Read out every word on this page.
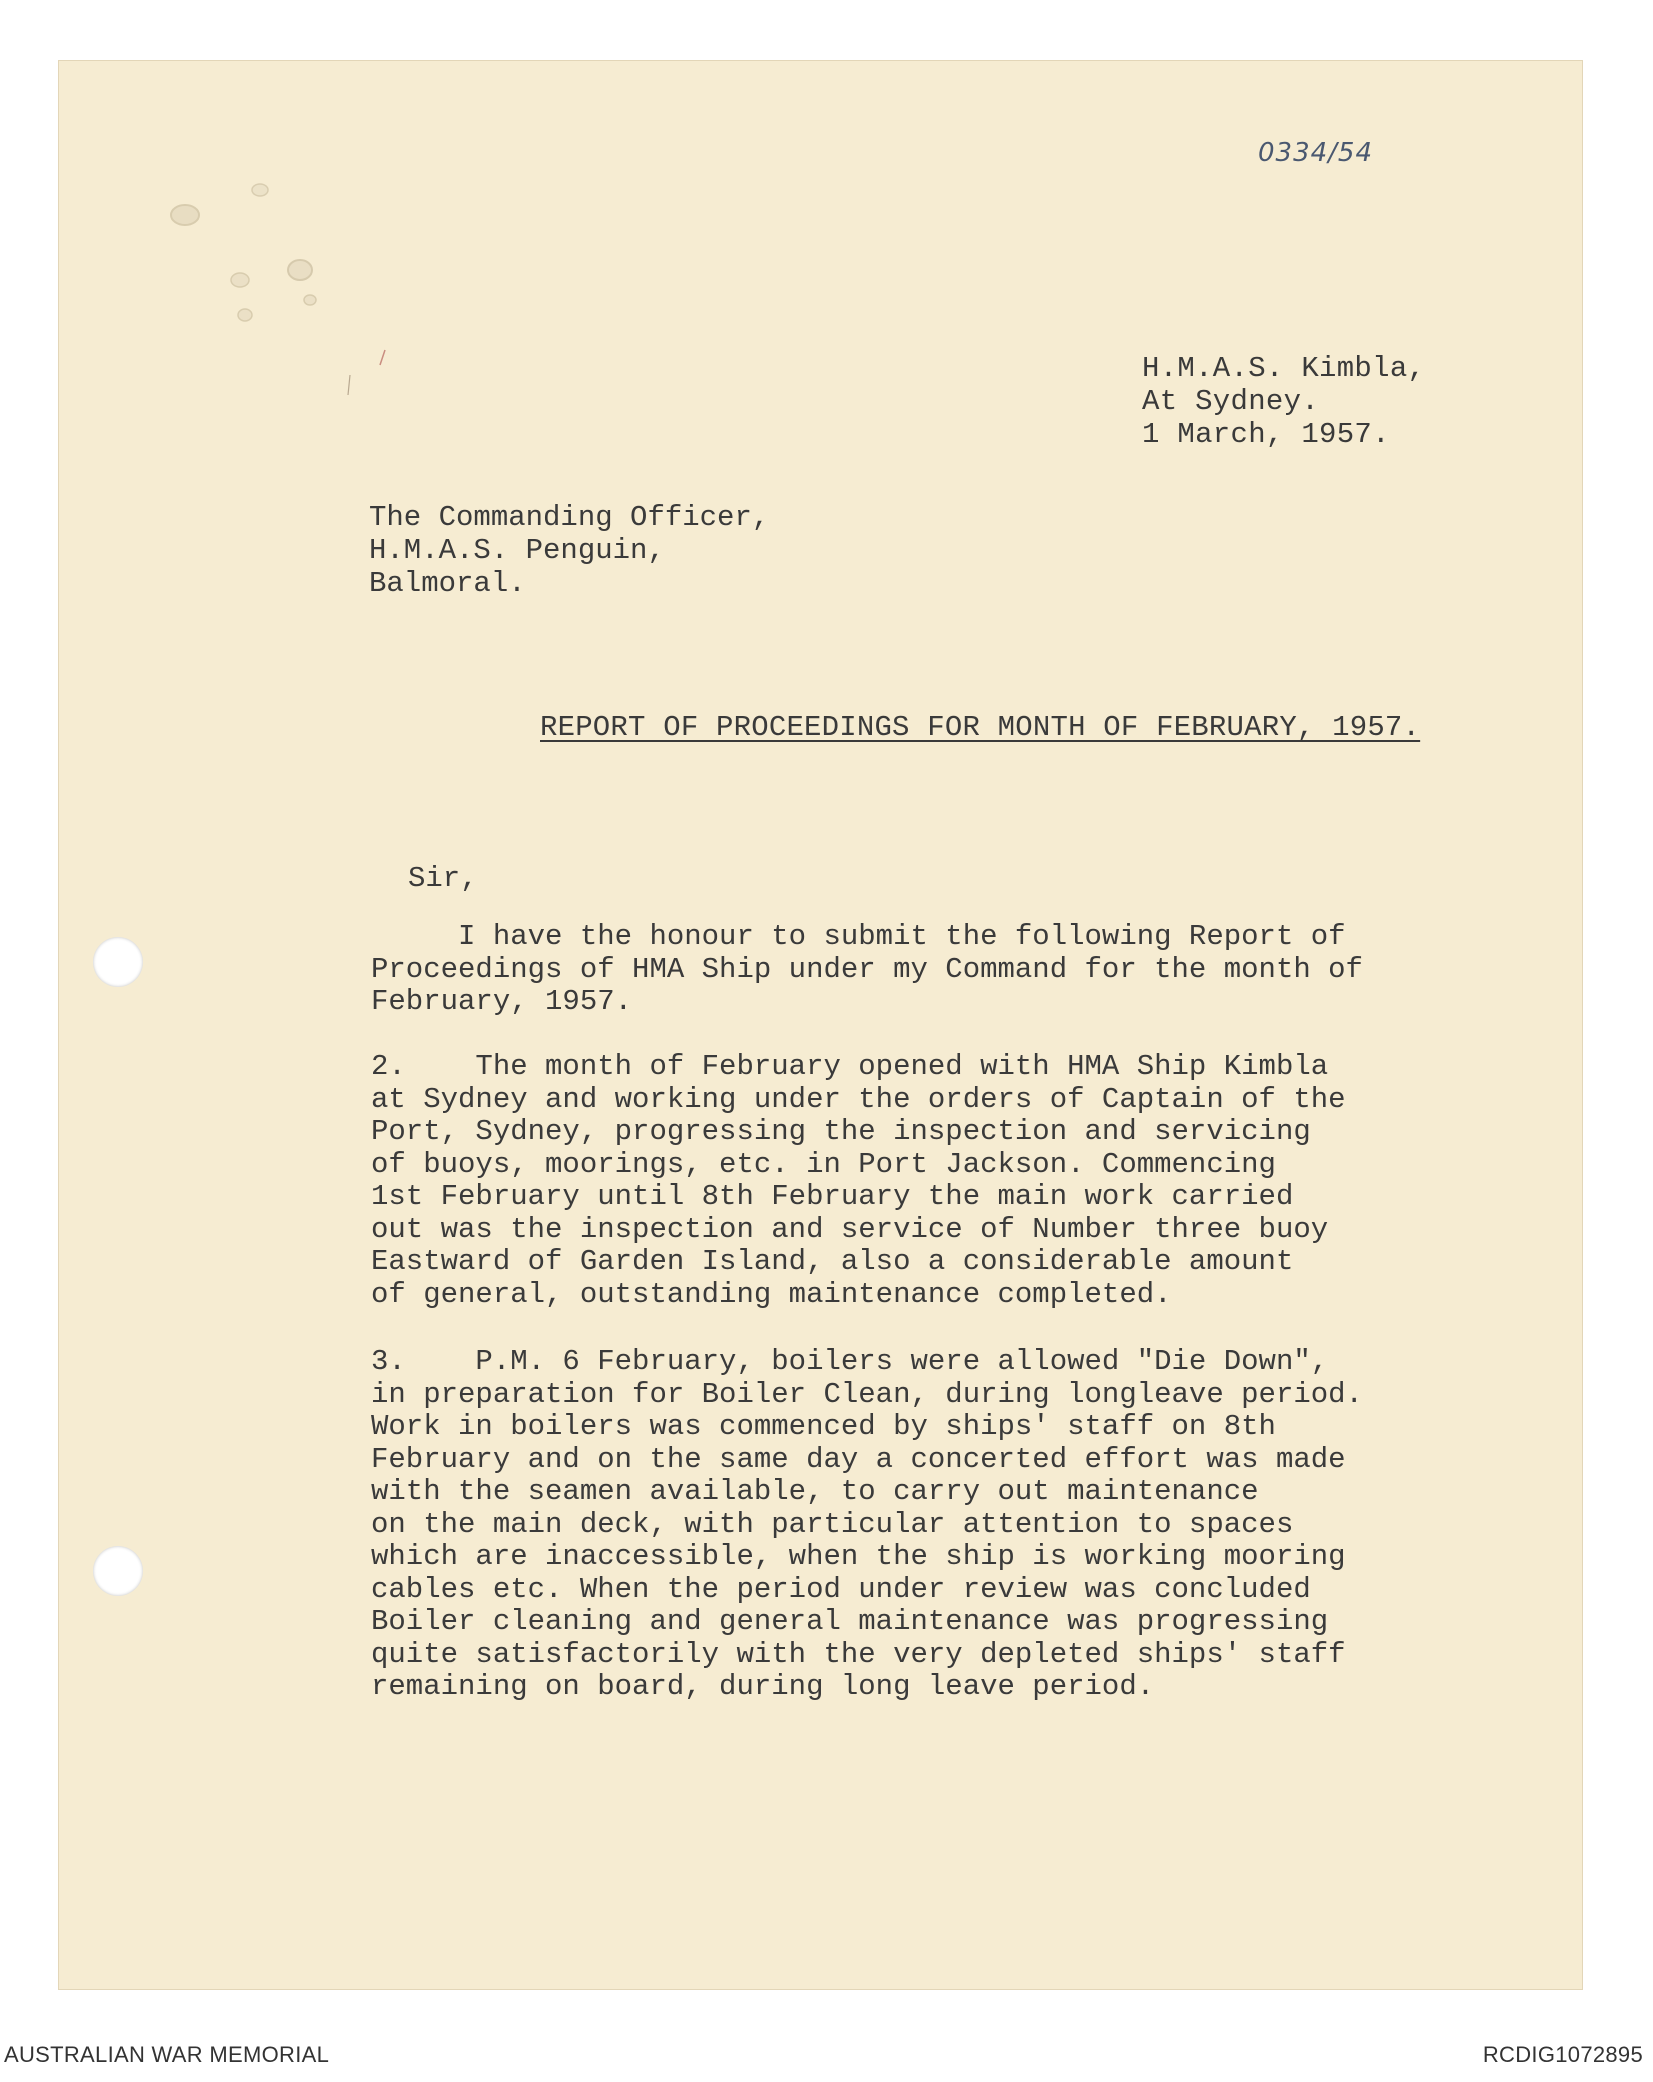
0334/54
H.M.A.S. Kimbla,
At Sydney.
1 March, 1957.
The Commanding Officer,
H.M.A.S. Penguin,
Balmoral.
REPORT OF PROCEEDINGS FOR MONTH OF FEBRUARY, 1957.
Sir,
I have the honour to submit the following Report of
Proceedings of HMA Ship under my Command for the month of
February, 1957.
2.    The month of February opened with HMA Ship Kimbla
at Sydney and working under the orders of Captain of the
Port, Sydney, progressing the inspection and servicing
of buoys, moorings, etc. in Port Jackson. Commencing
1st February until 8th February the main work carried
out was the inspection and service of Number three buoy
Eastward of Garden Island, also a considerable amount
of general, outstanding maintenance completed.
3.    P.M. 6 February, boilers were allowed "Die Down",
in preparation for Boiler Clean, during longleave period.
Work in boilers was commenced by ships' staff on 8th
February and on the same day a concerted effort was made
with the seamen available, to carry out maintenance
on the main deck, with particular attention to spaces
which are inaccessible, when the ship is working mooring
cables etc. When the period under review was concluded
Boiler cleaning and general maintenance was progressing
quite satisfactorily with the very depleted ships' staff
remaining on board, during long leave period.
AUSTRALIAN WAR MEMORIAL	RCDIG1072895
